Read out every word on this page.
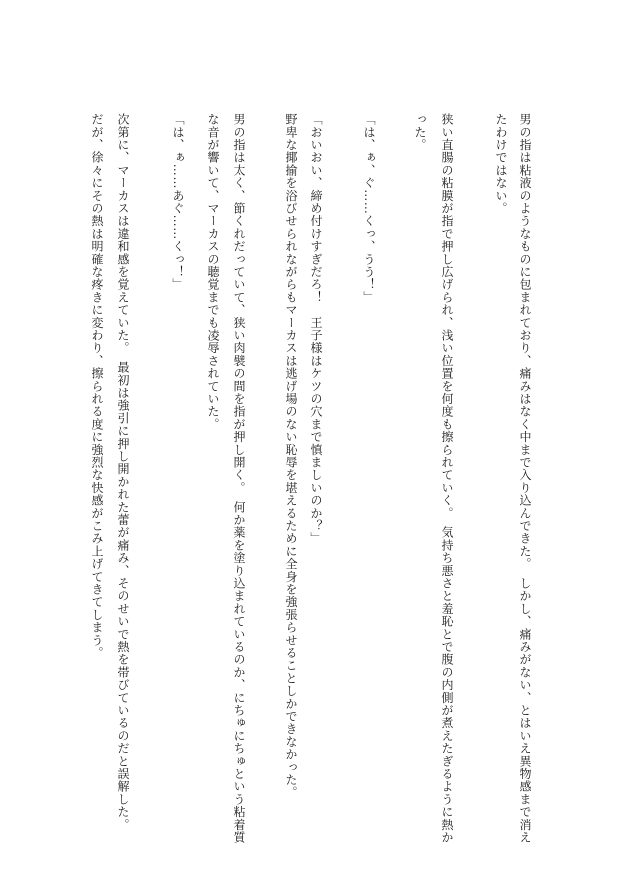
男の指は粘液のようなものに包まれており、痛みはなく中まで入り込んできた。　しかし、痛みがない、とはいえ異物感まで消え
たわけではない。
狭い直腸の粘膜が指で押し広げられ、浅い位置を何度も擦られていく。　気持ち悪さと羞恥とで腹の内側が煮えたぎるように熱か
った。
「は、ぁ、ぐ……くっ、うう！」
「おいおい、締め付けすぎだろ！　王子様はケツの穴まで慎ましいのか？」
野卑な揶揄を浴びせられながらもマーカスは逃げ場のない恥辱を堪えるために全身を強張らせることしかできなかった。
男の指は太く、節くれだっていて、狭い肉襞の間を指が押し開く。　何か薬を塗り込まれているのか、にちゅにちゅという粘着質
な音が響いて、マーカスの聴覚までも凌辱されていた。
「は、ぁ……あぐ……くっ！」
次第に、マーカスは違和感を覚えていた。　最初は強引に押し開かれた蕾が痛み、そのせいで熱を帯びているのだと誤解した。
だが、徐々にその熱は明確な疼きに変わり、擦られる度に強烈な快感がこみ上げてきてしまう。
